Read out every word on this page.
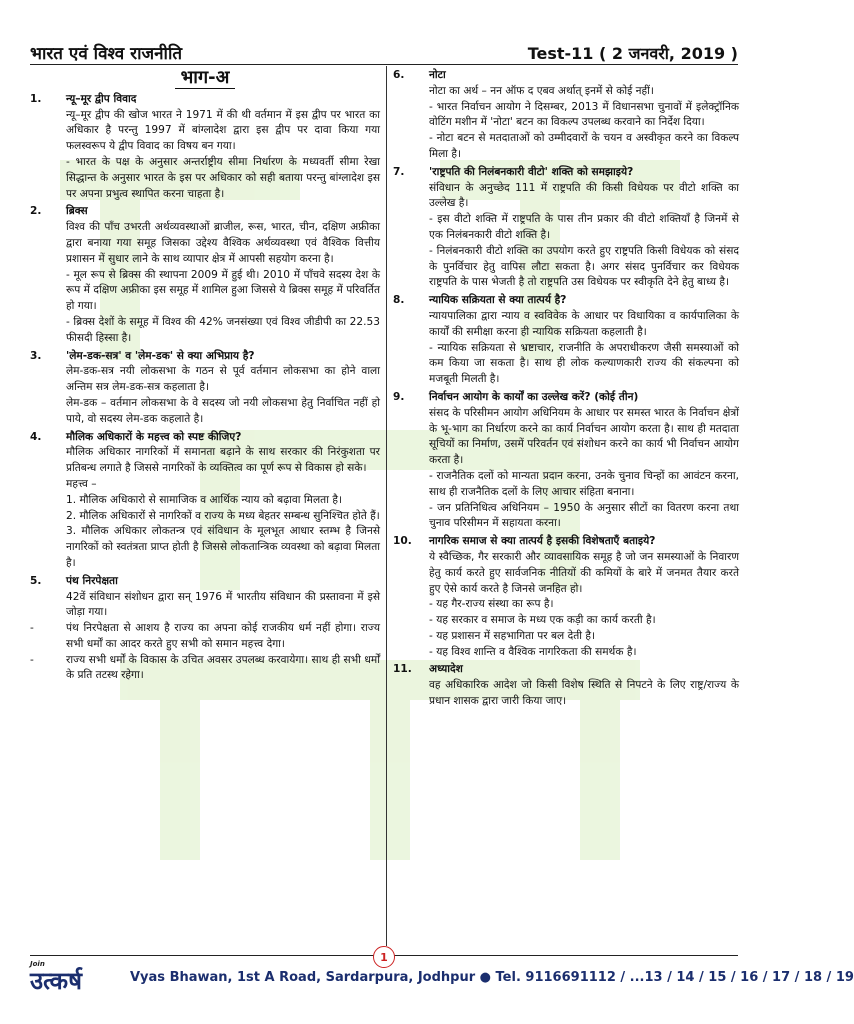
भारत एवं विश्व राजनीति	Test-11 ( 2 जनवरी, 2019 )
भाग-अ
1.	न्यू–मूर द्वीप विवाद

न्यू–मूर द्वीप की खोज भारत ने 1971 में की थी वर्तमान में इस द्वीप पर भारत का अधिकार है परन्तु 1997 में बांग्लादेश द्वारा इस द्वीप पर दावा किया गया फलस्वरूप ये द्वीप विवाद का विषय बन गया।

- भारत के पक्ष के अनुसार अन्तर्राष्ट्रीय सीमा निर्धारण के मध्यवर्ती सीमा रेखा सिद्धान्त के अनुसार भारत के इस पर अधिकार को सही बताया परन्तु बांग्लादेश इस पर अपना प्रभुत्व स्थापित करना चाहता है।

2.	ब्रिक्स

विश्व की पाँच उभरती अर्थव्यवस्थाओं ब्राजील, रूस, भारत, चीन, दक्षिण अफ्रीका द्वारा बनाया गया समूह जिसका उद्देश्य वैश्विक अर्थव्यवस्था एवं वैश्विक वित्तीय प्रशासन में सुधार लाने के साथ व्यापार क्षेत्र में आपसी सहयोग करना है।

- मूल रूप से ब्रिक्स की स्थापना 2009 में हुई थी। 2010 में पाँचवे सदस्य देश के रूप में दक्षिण अफ्रीका इस समूह में शामिल हुआ जिससे ये ब्रिक्स समूह में परिवर्तित हो गया।

- ब्रिक्स देशों के समूह में विश्व की 42% जनसंख्या एवं विश्व जीडीपी का 22.53 फीसदी हिस्सा है।

3.	'लेम-डक-सत्र' व 'लेम-डक' से क्या अभिप्राय है?

लेम-डक-सत्र नयी लोकसभा के गठन से पूर्व वर्तमान लोकसभा का होने वाला अन्तिम सत्र लेम-डक-सत्र कहलाता है।

लेम-डक – वर्तमान लोकसभा के वे सदस्य जो नयी लोकसभा हेतु निर्वाचित नहीं हो पाये, वो सदस्य लेम-डक कहलाते है।

4.	मौलिक अधिकारों के महत्त्व को स्पष्ट कीजिए?

मौलिक अधिकार नागरिकों में समानता बढ़ाने के साथ सरकार की निरंकुशता पर प्रतिबन्ध लगाते है जिससे नागरिकों के व्यक्तित्व का पूर्ण रूप से विकास हो सके।

महत्त्व –

1. मौलिक अधिकारो से सामाजिक व आर्थिक न्याय को बढ़ावा मिलता है।

2. मौलिक अधिकारों से नागरिकों व राज्य के मध्य बेहतर सम्बन्ध सुनिश्चित होते हैं।

3. मौलिक अधिकार लोकतन्त्र एवं संविधान के मूलभूत आधार स्तम्भ है जिनसे नागरिकों को स्वतंत्रता प्राप्त होती है जिससे लोकतान्त्रिक व्यवस्था को बढ़ावा मिलता है।

5.	पंथ निरपेक्षता

42वें संविधान संशोधन द्वारा सन् 1976 में भारतीय संविधान की प्रस्तावना में इसे जोड़ा गया।

-	पंथ निरपेक्षता से आशय है राज्य का अपना कोई राजकीय धर्म नहीं होगा। राज्य सभी धर्मों का आदर करते हुए सभी को समान महत्त्व देगा।
-	राज्य सभी धर्मों के विकास के उचित अवसर उपलब्ध करवायेगा। साथ ही सभी धर्मों के प्रति तटस्थ रहेगा।
6.	नोटा

नोटा का अर्थ – नन ऑफ द एबव अर्थात् इनमें से कोई नहीं।

- भारत निर्वाचन आयोग ने दिसम्बर, 2013 में विधानसभा चुनावों में इलेक्ट्रॉनिक वोटिंग मशीन में 'नोटा' बटन का विकल्प उपलब्ध करवाने का निर्देश दिया।

- नोटा बटन से मतदाताओं को उम्मीदवारों के चयन व अस्वीकृत करने का विकल्प मिला है।

7.	'राष्ट्रपति की निलंबनकारी वीटो' शक्ति को समझाइये?

संविधान के अनुच्छेद 111 में राष्ट्रपति की किसी विधेयक पर वीटो शक्ति का उल्लेख है।

- इस वीटो शक्ति में राष्ट्रपति के पास तीन प्रकार की वीटो शक्तियाँ है जिनमें से एक निलंबनकारी वीटो शक्ति है।

- निलंबनकारी वीटो शक्ति का उपयोग करते हुए राष्ट्रपति किसी विधेयक को संसद के पुनर्विचार हेतु वापिस लौटा सकता है। अगर संसद पुनर्विचार कर विधेयक राष्ट्रपति के पास भेजती है तो राष्ट्रपति उस विधेयक पर स्वीकृति देने हेतु बाध्य है।

8.	न्यायिक सक्रियता से क्या तात्पर्य है?

न्यायपालिका द्वारा न्याय व स्वविवेक के आधार पर विधायिका व कार्यपालिका के कार्यों की समीक्षा करना ही न्यायिक सक्रियता कहलाती है।

- न्यायिक सक्रियता से भ्रष्टाचार, राजनीति के अपराधीकरण जैसी समस्याओं को कम किया जा सकता है। साथ ही लोक कल्याणकारी राज्य की संकल्पना को मजबूती मिलती है।

9.	निर्वाचन आयोग के कार्यों का उल्लेख करें? (कोई तीन)

संसद के परिसीमन आयोग अधिनियम के आधार पर समस्त भारत के निर्वाचन क्षेत्रों के भू-भाग का निर्धारण करने का कार्य निर्वाचन आयोग करता है। साथ ही मतदाता सूचियों का निर्माण, उसमें परिवर्तन एवं संशोधन करने का कार्य भी निर्वाचन आयोग करता है।

- राजनैतिक दलों को मान्यता प्रदान करना, उनके चुनाव चिन्हों का आवंटन करना, साथ ही राजनैतिक दलों के लिए आचार संहिता बनाना।

- जन प्रतिनिधित्व अधिनियम – 1950 के अनुसार सीटों का वितरण करना तथा चुनाव परिसीमन में सहायता करना।

10.	नागरिक समाज से क्या तात्पर्य है इसकी विशेषताएँ बताइये?

ये स्वैच्छिक, गैर सरकारी और व्यावसायिक समूह है जो जन समस्याओं के निवारण हेतु कार्य करते हुए सार्वजनिक नीतियों की कमियों के बारे में जनमत तैयार करते हुए ऐसे कार्य करते है जिनसे जनहित हो।

- यह गैर-राज्य संस्था का रूप है।

- यह सरकार व समाज के मध्य एक कड़ी का कार्य करती है।

- यह प्रशासन में सहभागिता पर बल देती है।

- यह विश्व शान्ति व वैश्विक नागरिकता की समर्थक है।

11.	अध्यादेश

वह अधिकारिक आदेश जो किसी विशेष स्थिति से निपटने के लिए राष्ट्र/राज्य के प्रधान शासक द्वारा जारी किया जाए।

1
Join
उत्कर्ष	Vyas Bhawan, 1st A Road, Sardarpura, Jodhpur ● Tel. 9116691112 / ...13 / 14 / 15 / 16 / 17 / 18 / 19
